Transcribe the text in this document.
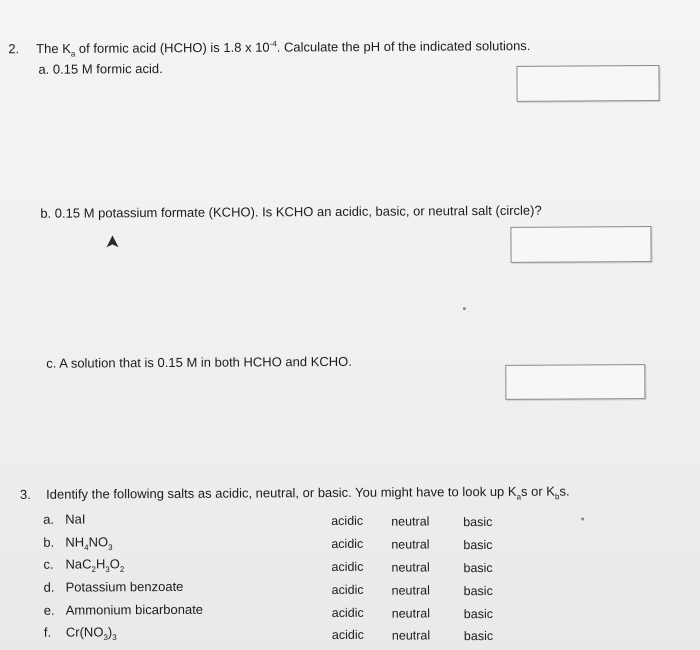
2. The $K_a$ of formic acid (HCHO) is 1.8 x $10^{-4}$. Calculate the pH of the indicated solutions.
a. 0.15 M formic acid.
b. 0.15 M potassium formate (KCHO). Is KCHO an acidic, basic, or neutral salt (circle)?
c. A solution that is 0.15 M in both HCHO and KCHO.
3. Identify the following salts as acidic, neutral, or basic. You might have to look up $K_as$ or $K_bs$.
a. NaI	acidic neutral	basic
b. $NH_4NO_3$	acidic neutral	basic
c. $NaC_2H_3O_2$	acidic neutral	basic
d. Potassium benzoate	acidic neutral	basic
e. Ammonium bicarbonate	acidic neutral	basic
f. $Cr(NO_3)_3$	acidic neutral	basic
